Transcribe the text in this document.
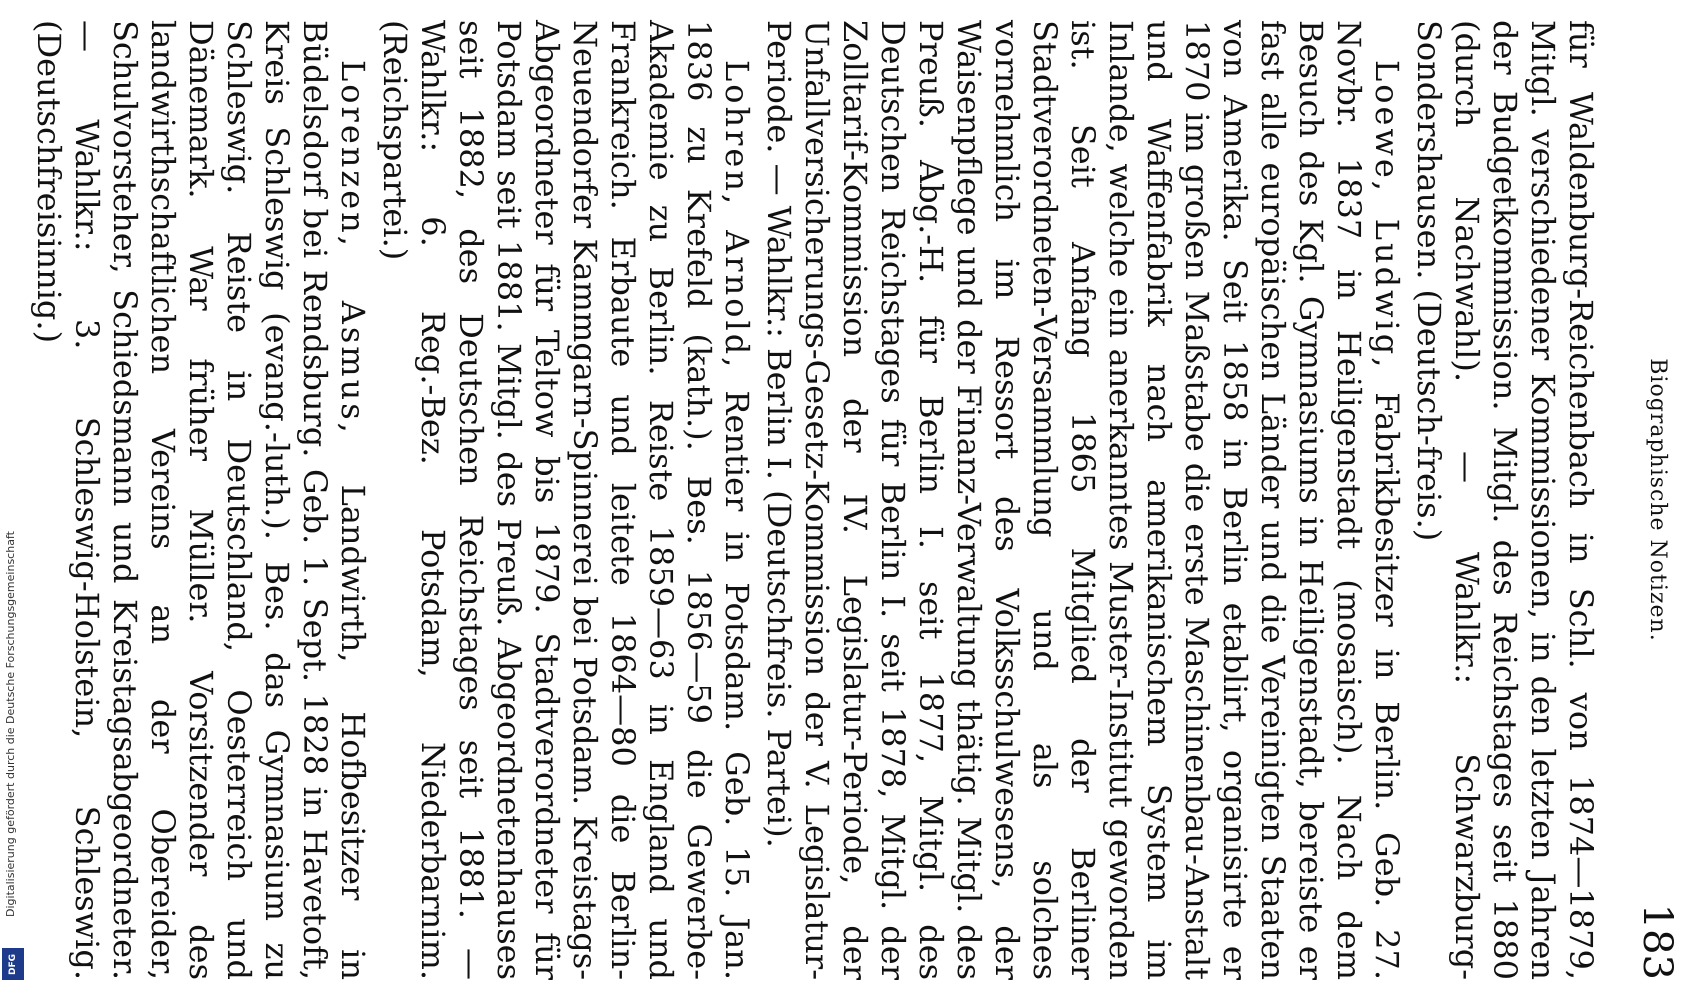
Biographische Notizen.
183

für Waldenburg-Reichenbach in Schl. von 1874—1879, Mitgl. verschiedener Kommissionen, in den letzten Jahren der Budgetkommission. Mitgl. des Reichstages seit 1880 (durch Nachwahl). — Wahlkr.: Schwarzburg-Sondershausen. (Deutsch-freis.)

Loewe, Ludwig, Fabrikbesitzer in Berlin. Geb. 27. Novbr. 1837 in Heiligenstadt (mosaisch). Nach dem Besuch des Kgl. Gymnasiums in Heiligenstadt, bereiste er fast alle europäischen Länder und die Vereinigten Staaten von Amerika. Seit 1858 in Berlin etablirt, organisirte er 1870 im großen Maßstabe die erste Maschinenbau-Anstalt und Waffenfabrik nach amerikanischem System im Inlande, welche ein anerkanntes Muster-Institut geworden ist. Seit Anfang 1865 Mitglied der Berliner Stadtverordneten-Versammlung und als solches vornehmlich im Ressort des Volksschulwesens, der Waisenpflege und der Finanz-Verwaltung thätig. Mitgl. des Preuß. Abg.-H. für Berlin I. seit 1877, Mitgl. des Deutschen Reichstages für Berlin I. seit 1878, Mitgl. der Zolltarif-Kommission der IV. Legislatur-Periode, der Unfallversicherungs-Gesetz-Kommission der V. Legislatur-Periode. — Wahlkr.: Berlin I. (Deutschfreis. Partei).

Lohren, Arnold, Rentier in Potsdam. Geb. 15. Jan. 1836 zu Krefeld (kath.). Bes. 1856—59 die Gewerbe-Akademie zu Berlin. Reiste 1859—63 in England und Frankreich. Erbaute und leitete 1864—80 die Berlin-Neuendorfer Kammgarn-Spinnerei bei Potsdam. Kreistags-Abgeordneter für Teltow bis 1879. Stadtverordneter für Potsdam seit 1881. Mitgl. des Preuß. Abgeordnetenhauses seit 1882, des Deutschen Reichstages seit 1881. — Wahlkr.: 6. Reg.-Bez. Potsdam, Niederbarnim. (Reichspartei.)

Lorenzen, Asmus, Landwirth, Hofbesitzer in Büdelsdorf bei Rendsburg. Geb. 1. Sept. 1828 in Havetoft, Kreis Schleswig (evang.-luth.). Bes. das Gymnasium zu Schleswig. Reiste in Deutschland, Oesterreich und Dänemark. War früher Müller. Vorsitzender des landwirthschaftlichen Vereins an der Obereider, Schulvorsteher, Schiedsmann und Kreistagsabgeordneter. — Wahlkr.: 3. Schleswig-Holstein, Schleswig. (Deutschfreisinnig.)

Digitalisierung gefördert durch die Deutsche Forschungsgemeinschaft
DFG
